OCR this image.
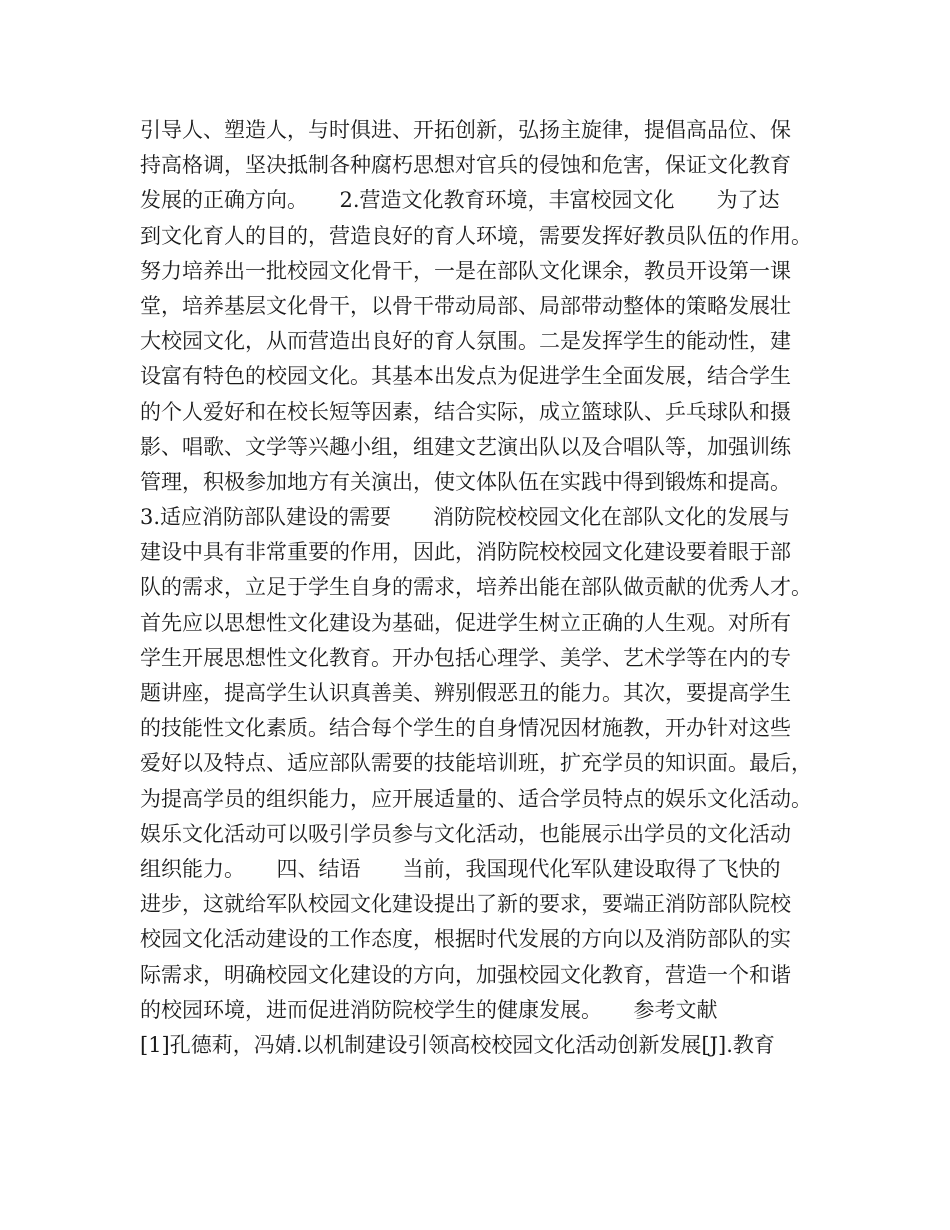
引导人、塑造人，与时俱进、开拓创新，弘扬主旋律，提倡高品位、保
持高格调，坚决抵制各种腐朽思想对官兵的侵蚀和危害，保证文化教育
发展的正确方向。　　2.营造文化教育环境，丰富校园文化　　为了达
到文化育人的目的，营造良好的育人环境，需要发挥好教员队伍的作用。
努力培养出一批校园文化骨干，一是在部队文化课余，教员开设第一课
堂，培养基层文化骨干，以骨干带动局部、局部带动整体的策略发展壮
大校园文化，从而营造出良好的育人氛围。二是发挥学生的能动性，建
设富有特色的校园文化。其基本出发点为促进学生全面发展，结合学生
的个人爱好和在校长短等因素，结合实际，成立篮球队、乒乓球队和摄
影、唱歌、文学等兴趣小组，组建文艺演出队以及合唱队等，加强训练
管理，积极参加地方有关演出，使文体队伍在实践中得到锻炼和提高。
3.适应消防部队建设的需要　　消防院校校园文化在部队文化的发展与
建设中具有非常重要的作用，因此，消防院校校园文化建设要着眼于部
队的需求，立足于学生自身的需求，培养出能在部队做贡献的优秀人才。
首先应以思想性文化建设为基础，促进学生树立正确的人生观。对所有
学生开展思想性文化教育。开办包括心理学、美学、艺术学等在内的专
题讲座，提高学生认识真善美、辨别假恶丑的能力。其次，要提高学生
的技能性文化素质。结合每个学生的自身情况因材施教，开办针对这些
爱好以及特点、适应部队需要的技能培训班，扩充学员的知识面。最后，
为提高学员的组织能力，应开展适量的、适合学员特点的娱乐文化活动。
娱乐文化活动可以吸引学员参与文化活动，也能展示出学员的文化活动
组织能力。　　四、结语　　当前，我国现代化军队建设取得了飞快的
进步，这就给军队校园文化建设提出了新的要求，要端正消防部队院校
校园文化活动建设的工作态度，根据时代发展的方向以及消防部队的实
际需求，明确校园文化建设的方向，加强校园文化教育，营造一个和谐
的校园环境，进而促进消防院校学生的健康发展。　　参考文献
[1]孔德莉，冯婧.以机制建设引领高校校园文化活动创新发展[J].教育
